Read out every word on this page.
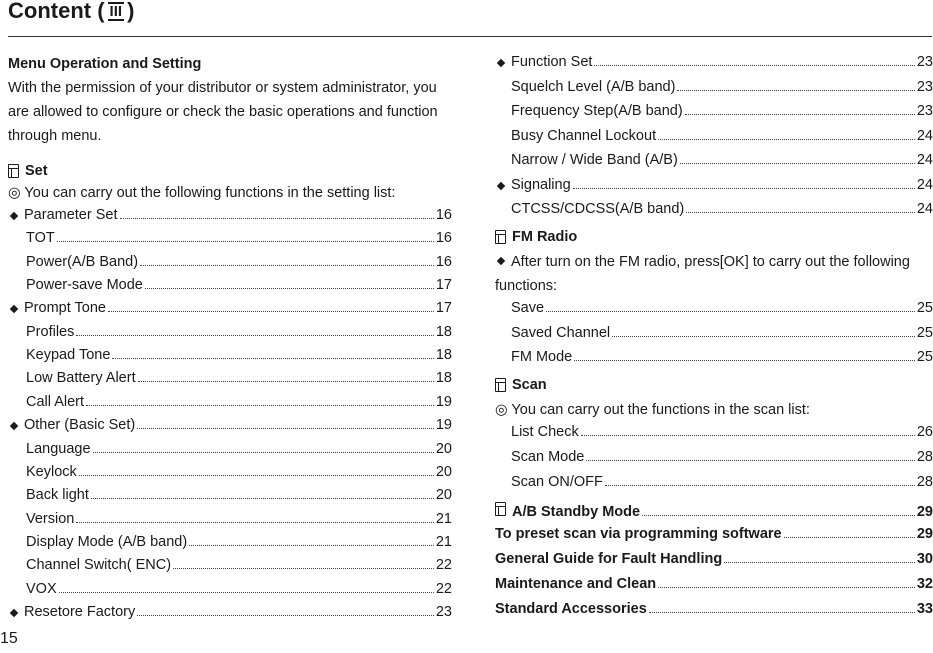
Content ( III )
Menu Operation and Setting
With the permission of your distributor or system administrator, you are allowed to configure or check the basic operations and function through menu.
Set
◎ You can carry out the following functions in the setting list:
Parameter Set	16
TOT	16
Power(A/B Band)	16
Power-save Mode	17
Prompt Tone	17
Profiles	18
Keypad Tone	18
Low Battery Alert	18
Call Alert	19
Other (Basic Set)	19
Language	20
Keylock	20
Back light	20
Version	21
Display Mode (A/B band)	21
Channel Switch( ENC)	22
VOX	22
Resetore Factory	23
Function Set	23
Squelch Level (A/B band)	23
Frequency Step(A/B band)	23
Busy Channel Lockout	24
Narrow / Wide Band (A/B)	24
Signaling	24
CTCSS/CDCSS(A/B band)	24
FM Radio
After turn on the FM radio, press[OK] to carry out the following
functions:
Save	25
Saved Channel	25
FM Mode	25
Scan
◎ You can carry out the functions in the scan list:
List Check	26
Scan Mode	28
Scan ON/OFF	28
A/B Standby Mode	29
To preset scan via programming software	29
General Guide for Fault Handling	30
Maintenance and Clean	32
Standard Accessories	33
15
